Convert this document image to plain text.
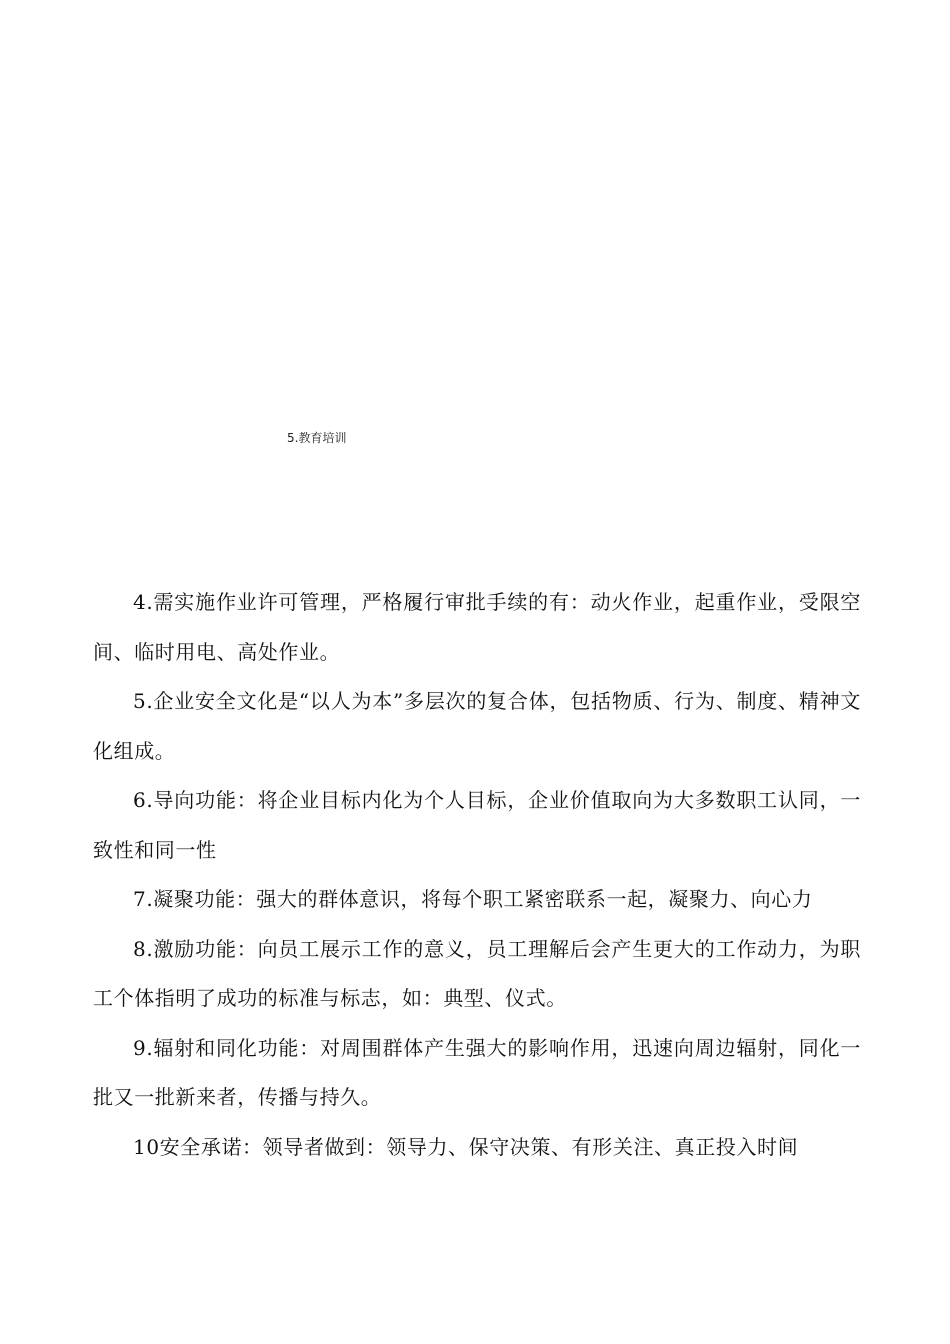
5.教育培训

4.需实施作业许可管理，严格履行审批手续的有：动火作业，起重作业，受限空间、临时用电、高处作业。

5.企业安全文化是“以人为本”多层次的复合体，包括物质、行为、制度、精神文化组成。

6.导向功能：将企业目标内化为个人目标，企业价值取向为大多数职工认同，一致性和同一性

7.凝聚功能：强大的群体意识，将每个职工紧密联系一起，凝聚力、向心力

8.激励功能：向员工展示工作的意义，员工理解后会产生更大的工作动力，为职工个体指明了成功的标准与标志，如：典型、仪式。

9.辐射和同化功能：对周围群体产生强大的影响作用，迅速向周边辐射，同化一批又一批新来者，传播与持久。

10安全承诺：领导者做到：领导力、保守决策、有形关注、真正投入时间
